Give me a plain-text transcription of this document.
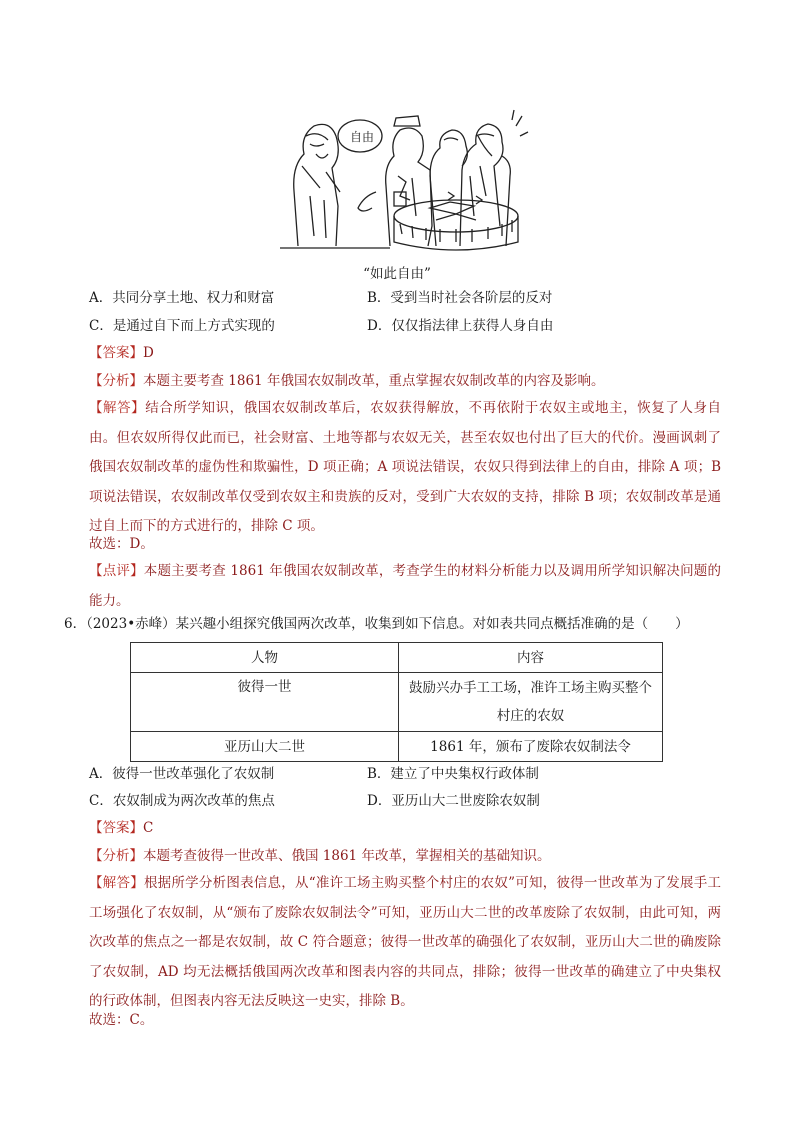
自由
“如此自由”
A．共同分享土地、权力和财富	B．受到当时社会各阶层的反对
C．是通过自下而上方式实现的	D．仅仅指法律上获得人身自由
【答案】D
【分析】本题主要考查 1861 年俄国农奴制改革，重点掌握农奴制改革的内容及影响。
【解答】结合所学知识，俄国农奴制改革后，农奴获得解放，不再依附于农奴主或地主，恢复了人身自由。但农奴所得仅此而已，社会财富、土地等都与农奴无关，甚至农奴也付出了巨大的代价。漫画讽刺了俄国农奴制改革的虚伪性和欺骗性，D 项正确；A 项说法错误，农奴只得到法律上的自由，排除 A 项；B 项说法错误，农奴制改革仅受到农奴主和贵族的反对，受到广大农奴的支持，排除 B 项；农奴制改革是通过自上而下的方式进行的，排除 C 项。
故选：D。
【点评】本题主要考查 1861 年俄国农奴制改革，考查学生的材料分析能力以及调用所学知识解决问题的能力。
6．（2023•赤峰）某兴趣小组探究俄国两次改革，收集到如下信息。对如表共同点概括准确的是（　　）
人物	内容
彼得一世	鼓励兴办手工工场，准许工场主购买整个村庄的农奴
亚历山大二世	1861 年，颁布了废除农奴制法令
A．彼得一世改革强化了农奴制	B．建立了中央集权行政体制
C．农奴制成为两次改革的焦点	D．亚历山大二世废除农奴制
【答案】C
【分析】本题考查彼得一世改革、俄国 1861 年改革，掌握相关的基础知识。
【解答】根据所学分析图表信息，从“准许工场主购买整个村庄的农奴”可知，彼得一世改革为了发展手工工场强化了农奴制，从“颁布了废除农奴制法令”可知，亚历山大二世的改革废除了农奴制，由此可知，两次改革的焦点之一都是农奴制，故 C 符合题意；彼得一世改革的确强化了农奴制，亚历山大二世的确废除了农奴制，AD 均无法概括俄国两次改革和图表内容的共同点，排除；彼得一世改革的确建立了中央集权的行政体制，但图表内容无法反映这一史实，排除 B。
故选：C。
